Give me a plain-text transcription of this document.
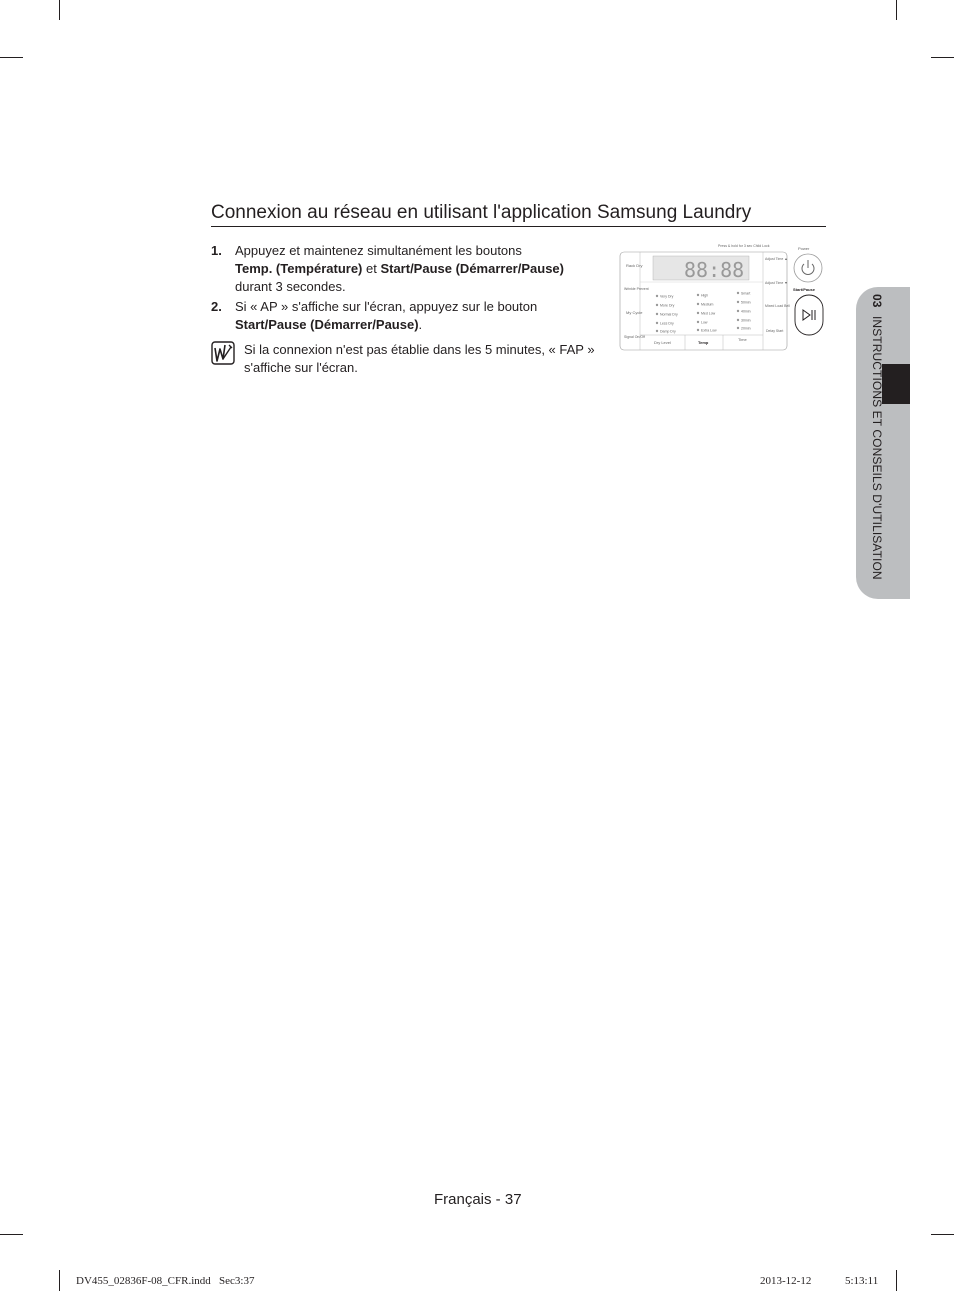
Connexion au réseau en utilisant l'application Samsung Laundry
1.	Appuyez et maintenez simultanément les boutons
Temp. (Température) et Start/Pause (Démarrer/Pause)
durant 3 secondes.
2.	Si « AP » s'affiche sur l'écran, appuyez sur le bouton
Start/Pause (Démarrer/Pause).
Si la connexion n'est pas établie dans les 5 minutes, « FAP »
s'affiche sur l'écran.
Press & hold for 3 sec Child Lock
Rack Dry
Wrinkle Prevent
My Cycle
Signal On/Off
88:88
Very Dry
More Dry
Normal Dry
Less Dry
Damp Dry
High
Medium
Med Low
Low
Extra Low
Smart
50min
40min
30min
20min
Dry Level	Temp
Time
Adjust Time ▲
Adjust Time ▼
Mixed Load Bell
Delay Start
Power
Start/Pause
03 INSTRUCTIONS ET CONSEILS D'UTILISATION
Français - 37
DV455_02836F-08_CFR.indd   Sec3:37	2013-12-12	5:13:11
